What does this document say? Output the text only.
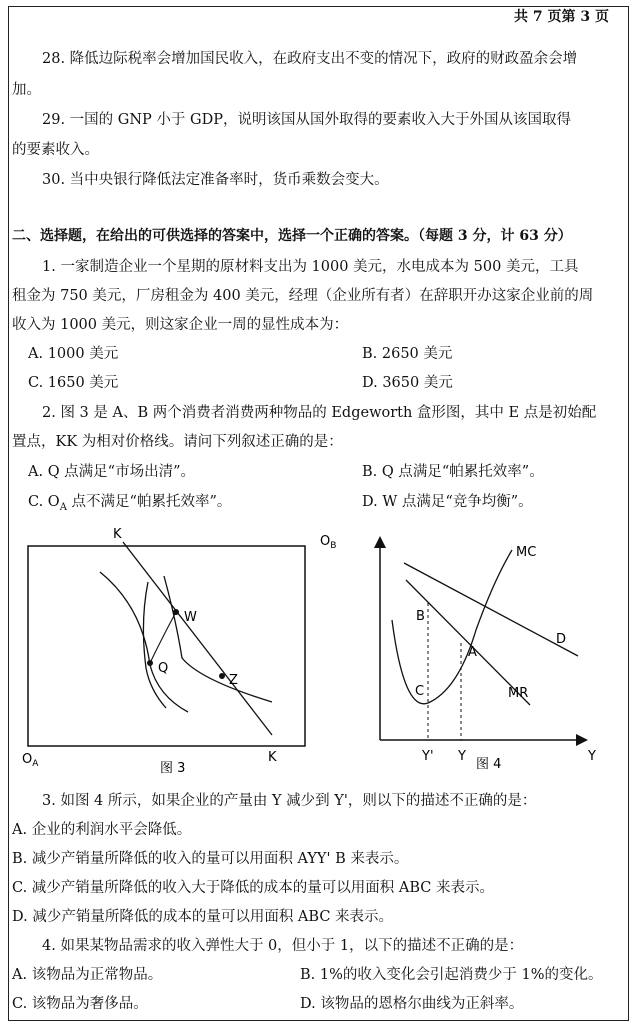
共 7 页第 3 页
28. 降低边际税率会增加国民收入，在政府支出不变的情况下，政府的财政盈余会增
加。
29. 一国的 GNP 小于 GDP，说明该国从国外取得的要素收入大于外国从该国取得
的要素收入。
30. 当中央银行降低法定准备率时，货币乘数会变大。
二、选择题，在给出的可供选择的答案中，选择一个正确的答案。（每题 3 分，计 63 分）
1. 一家制造企业一个星期的原材料支出为 1000 美元，水电成本为 500 美元，工具
租金为 750 美元，厂房租金为 400 美元，经理（企业所有者）在辞职开办这家企业前的周
收入为 1000 美元，则这家企业一周的显性成本为：
A. 1000 美元	B. 2650 美元
C. 1650 美元	D. 3650 美元
2. 图 3 是 A、B 两个消费者消费两种物品的 Edgeworth 盒形图，其中 E 点是初始配
置点，KK 为相对价格线。请问下列叙述正确的是：
A. Q 点满足“市场出清”。	B. Q 点满足“帕累托效率”。
C. $O_A$ 点不满足“帕累托效率”。	D. W 点满足“竞争均衡”。
K
K
$O_B$
$O_A$
W
Q
Z
图 3
MC
D
B
A
C	MR
Y' Y
图 4
Y
3. 如图 4 所示，如果企业的产量由 Y 减少到 Y'，则以下的描述不正确的是：
A. 企业的利润水平会降低。
B. 减少产销量所降低的收入的量可以用面积 AYY' B 来表示。
C. 减少产销量所降低的收入大于降低的成本的量可以用面积 ABC 来表示。
D. 减少产销量所降低的成本的量可以用面积 ABC 来表示。
4. 如果某物品需求的收入弹性大于 0，但小于 1，以下的描述不正确的是：
A. 该物品为正常物品。	B. 1%的收入变化会引起消费少于 1%的变化。
C. 该物品为奢侈品。	D. 该物品的恩格尔曲线为正斜率。
